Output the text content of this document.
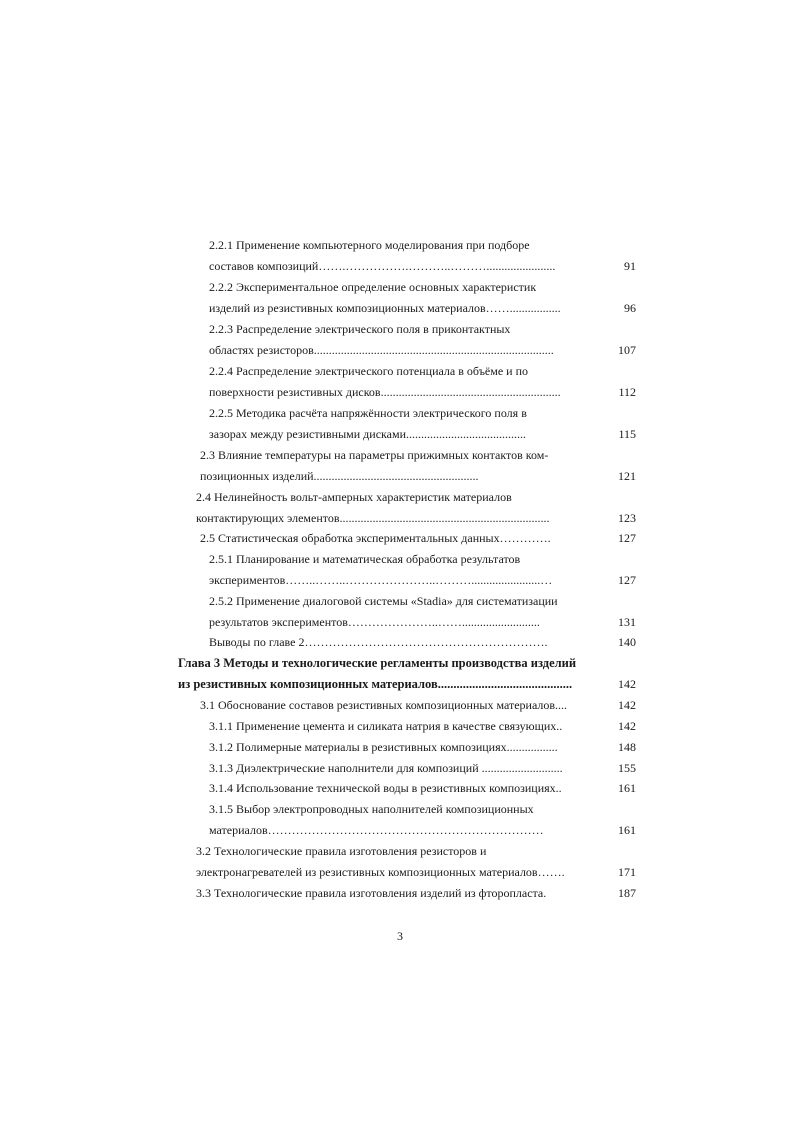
2.2.1 Применение компьютерного моделирования при подборе
составов композиций…….…………….………..……….......................	91
2.2.2 Экспериментальное определение основных характеристик
изделий из резистивных композиционных материалов…….................	96
2.2.3 Распределение электрического поля в приконтактных
областях резисторов................................................................................	107
2.2.4 Распределение электрического потенциала в объёме и по
поверхности резистивных дисков............................................................	112
2.2.5 Методика расчёта напряжённости электрического поля в
зазорах между резистивными дисками........................................	115
2.3 Влияние температуры на параметры прижимных контактов ком-
позиционных изделий.......................................................	121
2.4 Нелинейность вольт-амперных характеристик материалов
контактирующих элементов......................................................................	123
2.5 Статистическая обработка экспериментальных данных………….	127
2.5.1 Планирование и математическая обработка результатов
экспериментов……..……..…………………..……….......................…	127
2.5.2 Применение диалоговой системы «Stadia» для систематизации
результатов экспериментов…………………..……..........................	131
Выводы по главе 2…………………………………………………….	140
Глава 3 Методы и технологические регламенты производства изделий
из резистивных композиционных материалов...........................................	142
3.1 Обоснование составов резистивных композиционных материалов....	142
3.1.1 Применение цемента и силиката натрия в качестве связующих..	142
3.1.2 Полимерные материалы в резистивных композициях.................	148
3.1.3 Диэлектрические наполнители для композиций ...........................	155
3.1.4 Использование технической воды в резистивных композициях..	161
3.1.5 Выбор электропроводных наполнителей композиционных
материалов……………………………………………………………	161
3.2 Технологические правила изготовления резисторов и
электронагревателей из резистивных композиционных материалов…….	171
3.3 Технологические правила изготовления изделий из фторопласта.	187
3
